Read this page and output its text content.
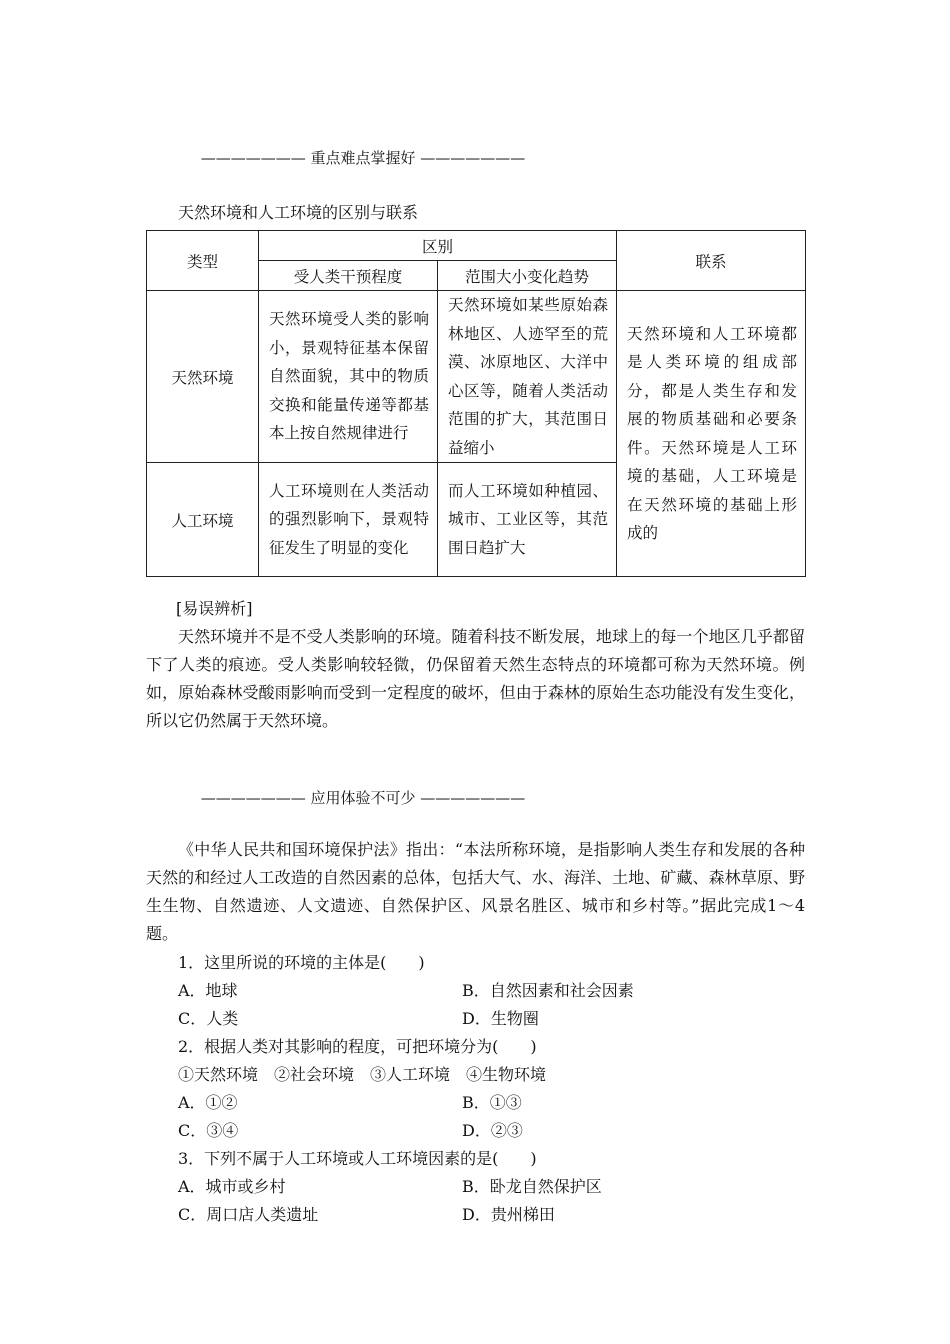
——————— 重点难点掌握好 ———————
天然环境和人工环境的区别与联系
类型	区别		联系
	受人类干预程度	范围大小变化趋势	
天然环境	天然环境受人类的影响小，景观特征基本保留自然面貌，其中的物质交换和能量传递等都基本上按自然规律进行	天然环境如某些原始森林地区、人迹罕至的荒漠、冰原地区、大洋中心区等，随着人类活动范围的扩大，其范围日益缩小	天然环境和人工环境都是人类环境的组成部分，都是人类生存和发展的物质基础和必要条件。天然环境是人工环境的基础，人工环境是在天然环境的基础上形成的
人工环境	人工环境则在人类活动的强烈影响下，景观特征发生了明显的变化	而人工环境如种植园、城市、工业区等，其范围日趋扩大	
[易误辨析]
天然环境并不是不受人类影响的环境。随着科技不断发展，地球上的每一个地区几乎都留下了人类的痕迹。受人类影响较轻微，仍保留着天然生态特点的环境都可称为天然环境。例如，原始森林受酸雨影响而受到一定程度的破坏，但由于森林的原始生态功能没有发生变化，所以它仍然属于天然环境。
——————— 应用体验不可少 ———————
《中华人民共和国环境保护法》指出：“本法所称环境，是指影响人类生存和发展的各种天然的和经过人工改造的自然因素的总体，包括大气、水、海洋、土地、矿藏、森林草原、野生生物、自然遗迹、人文遗迹、自然保护区、风景名胜区、城市和乡村等。”据此完成1～4题。
1．这里所说的环境的主体是(　　)
A．地球	B．自然因素和社会因素
C．人类	D．生物圈
2．根据人类对其影响的程度，可把环境分为(　　)
①天然环境　②社会环境　③人工环境　④生物环境
A．①②	B．①③
C．③④	D．②③
3．下列不属于人工环境或人工环境因素的是(　　)
A．城市或乡村	B．卧龙自然保护区
C．周口店人类遗址	D．贵州梯田
